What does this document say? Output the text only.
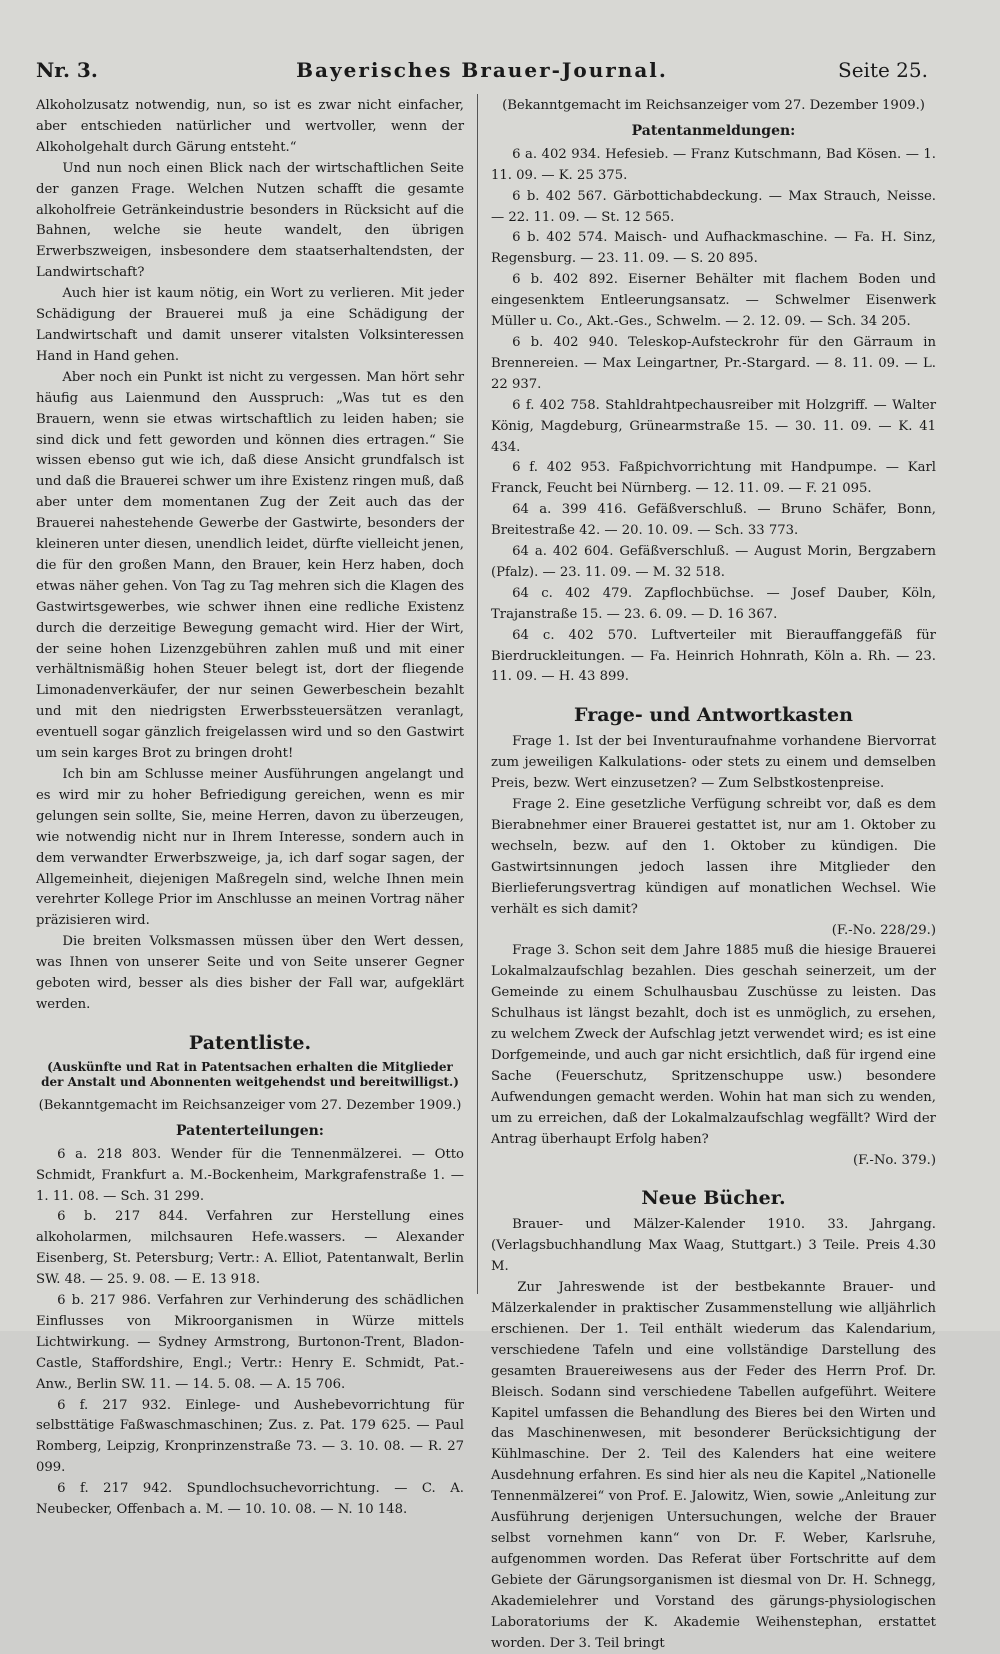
Nr. 3.	Bayerisches Brauer-Journal.	Seite 25.

Alkoholzusatz notwendig, nun, so ist es zwar nicht einfacher, aber entschieden natürlicher und wertvoller, wenn der Alkoholgehalt durch Gärung entsteht.“

Und nun noch einen Blick nach der wirtschaftlichen Seite der ganzen Frage. Welchen Nutzen schafft die gesamte alkoholfreie Getränkeindustrie besonders in Rücksicht auf die Bahnen, welche sie heute wandelt, den übrigen Erwerbszweigen, insbesondere dem staatserhaltendsten, der Landwirtschaft?

Auch hier ist kaum nötig, ein Wort zu verlieren. Mit jeder Schädigung der Brauerei muß ja eine Schädigung der Landwirtschaft und damit unserer vitalsten Volksinteressen Hand in Hand gehen.

Aber noch ein Punkt ist nicht zu vergessen. Man hört sehr häufig aus Laienmund den Ausspruch: „Was tut es den Brauern, wenn sie etwas wirtschaftlich zu leiden haben; sie sind dick und fett geworden und können dies ertragen.“ Sie wissen ebenso gut wie ich, daß diese Ansicht grundfalsch ist und daß die Brauerei schwer um ihre Existenz ringen muß, daß aber unter dem momentanen Zug der Zeit auch das der Brauerei nahestehende Gewerbe der Gastwirte, besonders der kleineren unter diesen, unendlich leidet, dürfte vielleicht jenen, die für den großen Mann, den Brauer, kein Herz haben, doch etwas näher gehen. Von Tag zu Tag mehren sich die Klagen des Gastwirtsgewerbes, wie schwer ihnen eine redliche Existenz durch die derzeitige Bewegung gemacht wird. Hier der Wirt, der seine hohen Lizenzgebühren zahlen muß und mit einer verhältnismäßig hohen Steuer belegt ist, dort der fliegende Limonadenverkäufer, der nur seinen Gewerbeschein bezahlt und mit den niedrigsten Erwerbssteuersätzen veranlagt, eventuell sogar gänzlich freigelassen wird und so den Gastwirt um sein karges Brot zu bringen droht!

Ich bin am Schlusse meiner Ausführungen angelangt und es wird mir zu hoher Befriedigung gereichen, wenn es mir gelungen sein sollte, Sie, meine Herren, davon zu überzeugen, wie notwendig nicht nur in Ihrem Interesse, sondern auch in dem verwandter Erwerbszweige, ja, ich darf sogar sagen, der Allgemeinheit, diejenigen Maßregeln sind, welche Ihnen mein verehrter Kollege Prior im Anschlusse an meinen Vortrag näher präzisieren wird.

Die breiten Volksmassen müssen über den Wert dessen, was Ihnen von unserer Seite und von Seite unserer Gegner geboten wird, besser als dies bisher der Fall war, aufgeklärt werden.

Patentliste.
(Auskünfte und Rat in Patentsachen erhalten die Mitglieder der Anstalt und Abonnenten weitgehendst und bereitwilligst.)

(Bekanntgemacht im Reichsanzeiger vom 27. Dezember 1909.)

Patenterteilungen:

6 a. 218 803. Wender für die Tennenmälzerei. — Otto Schmidt, Frankfurt a. M.-Bockenheim, Markgrafenstraße 1. — 1. 11. 08. — Sch. 31 299.

6 b. 217 844. Verfahren zur Herstellung eines alkoholarmen, milchsauren Hefe.wassers. — Alexander Eisenberg, St. Petersburg; Vertr.: A. Elliot, Patentanwalt, Berlin SW. 48. — 25. 9. 08. — E. 13 918.

6 b. 217 986. Verfahren zur Verhinderung des schädlichen Einflusses von Mikroorganismen in Würze mittels Lichtwirkung. — Sydney Armstrong, Burtonon-Trent, Bladon-Castle, Staffordshire, Engl.; Vertr.: Henry E. Schmidt, Pat.-Anw., Berlin SW. 11. — 14. 5. 08. — A. 15 706.

6 f. 217 932. Einlege- und Aushebevorrichtung für selbsttätige Faßwaschmaschinen; Zus. z. Pat. 179 625. — Paul Romberg, Leipzig, Kronprinzenstraße 73. — 3. 10. 08. — R. 27 099.

6 f. 217 942. Spundlochsuchevorrichtung. — C. A. Neubecker, Offenbach a. M. — 10. 10. 08. — N. 10 148.

(Bekanntgemacht im Reichsanzeiger vom 27. Dezember 1909.)

Patentanmeldungen:

6 a. 402 934. Hefesieb. — Franz Kutschmann, Bad Kösen. — 1. 11. 09. — K. 25 375.

6 b. 402 567. Gärbottichabdeckung. — Max Strauch, Neisse. — 22. 11. 09. — St. 12 565.

6 b. 402 574. Maisch- und Aufhackmaschine. — Fa. H. Sinz, Regensburg. — 23. 11. 09. — S. 20 895.

6 b. 402 892. Eiserner Behälter mit flachem Boden und eingesenktem Entleerungsansatz. — Schwelmer Eisenwerk Müller u. Co., Akt.-Ges., Schwelm. — 2. 12. 09. — Sch. 34 205.

6 b. 402 940. Teleskop-Aufsteckrohr für den Gärraum in Brennereien. — Max Leingartner, Pr.-Stargard. — 8. 11. 09. — L. 22 937.

6 f. 402 758. Stahldrahtpechausreiber mit Holzgriff. — Walter König, Magdeburg, Grünearmstraße 15. — 30. 11. 09. — K. 41 434.

6 f. 402 953. Faßpichvorrichtung mit Handpumpe. — Karl Franck, Feucht bei Nürnberg. — 12. 11. 09. — F. 21 095.

64 a. 399 416. Gefäßverschluß. — Bruno Schäfer, Bonn, Breitestraße 42. — 20. 10. 09. — Sch. 33 773.

64 a. 402 604. Gefäßverschluß. — August Morin, Bergzabern (Pfalz). — 23. 11. 09. — M. 32 518.

64 c. 402 479. Zapflochbüchse. — Josef Dauber, Köln, Trajanstraße 15. — 23. 6. 09. — D. 16 367.

64 c. 402 570. Luftverteiler mit Bierauffanggefäß für Bierdruckleitungen. — Fa. Heinrich Hohnrath, Köln a. Rh. — 23. 11. 09. — H. 43 899.

Frage- und Antwortkasten

Frage 1. Ist der bei Inventuraufnahme vorhandene Biervorrat zum jeweiligen Kalkulations- oder stets zu einem und demselben Preis, bezw. Wert einzusetzen? — Zum Selbstkostenpreise.

Frage 2. Eine gesetzliche Verfügung schreibt vor, daß es dem Bierabnehmer einer Brauerei gestattet ist, nur am 1. Oktober zu wechseln, bezw. auf den 1. Oktober zu kündigen. Die Gastwirtsinnungen jedoch lassen ihre Mitglieder den Bierlieferungsvertrag kündigen auf monatlichen Wechsel. Wie verhält es sich damit?

(F.-No. 228/29.)

Frage 3. Schon seit dem Jahre 1885 muß die hiesige Brauerei Lokalmalzaufschlag bezahlen. Dies geschah seinerzeit, um der Gemeinde zu einem Schulhausbau Zuschüsse zu leisten. Das Schulhaus ist längst bezahlt, doch ist es unmöglich, zu ersehen, zu welchem Zweck der Aufschlag jetzt verwendet wird; es ist eine Dorfgemeinde, und auch gar nicht ersichtlich, daß für irgend eine Sache (Feuerschutz, Spritzenschuppe usw.) besondere Aufwendungen gemacht werden. Wohin hat man sich zu wenden, um zu erreichen, daß der Lokalmalzaufschlag wegfällt? Wird der Antrag überhaupt Erfolg haben?

(F.-No. 379.)

Neue Bücher.

Brauer- und Mälzer-Kalender 1910. 33. Jahrgang. (Verlagsbuchhandlung Max Waag, Stuttgart.) 3 Teile. Preis 4.30 M.

Zur Jahreswende ist der bestbekannte Brauer- und Mälzerkalender in praktischer Zusammenstellung wie alljährlich erschienen. Der 1. Teil enthält wiederum das Kalendarium, verschiedene Tafeln und eine vollständige Darstellung des gesamten Brauereiwesens aus der Feder des Herrn Prof. Dr. Bleisch. Sodann sind verschiedene Tabellen aufgeführt. Weitere Kapitel umfassen die Behandlung des Bieres bei den Wirten und das Maschinenwesen, mit besonderer Berücksichtigung der Kühlmaschine. Der 2. Teil des Kalenders hat eine weitere Ausdehnung erfahren. Es sind hier als neu die Kapitel „Nationelle Tennenmälzerei“ von Prof. E. Jalowitz, Wien, sowie „Anleitung zur Ausführung derjenigen Untersuchungen, welche der Brauer selbst vornehmen kann“ von Dr. F. Weber, Karlsruhe, aufgenommen worden. Das Referat über Fortschritte auf dem Gebiete der Gärungsorganismen ist diesmal von Dr. H. Schnegg, Akademielehrer und Vorstand des gärungs-physiologischen Laboratoriums der K. Akademie Weihenstephan, erstattet worden. Der 3. Teil bringt
